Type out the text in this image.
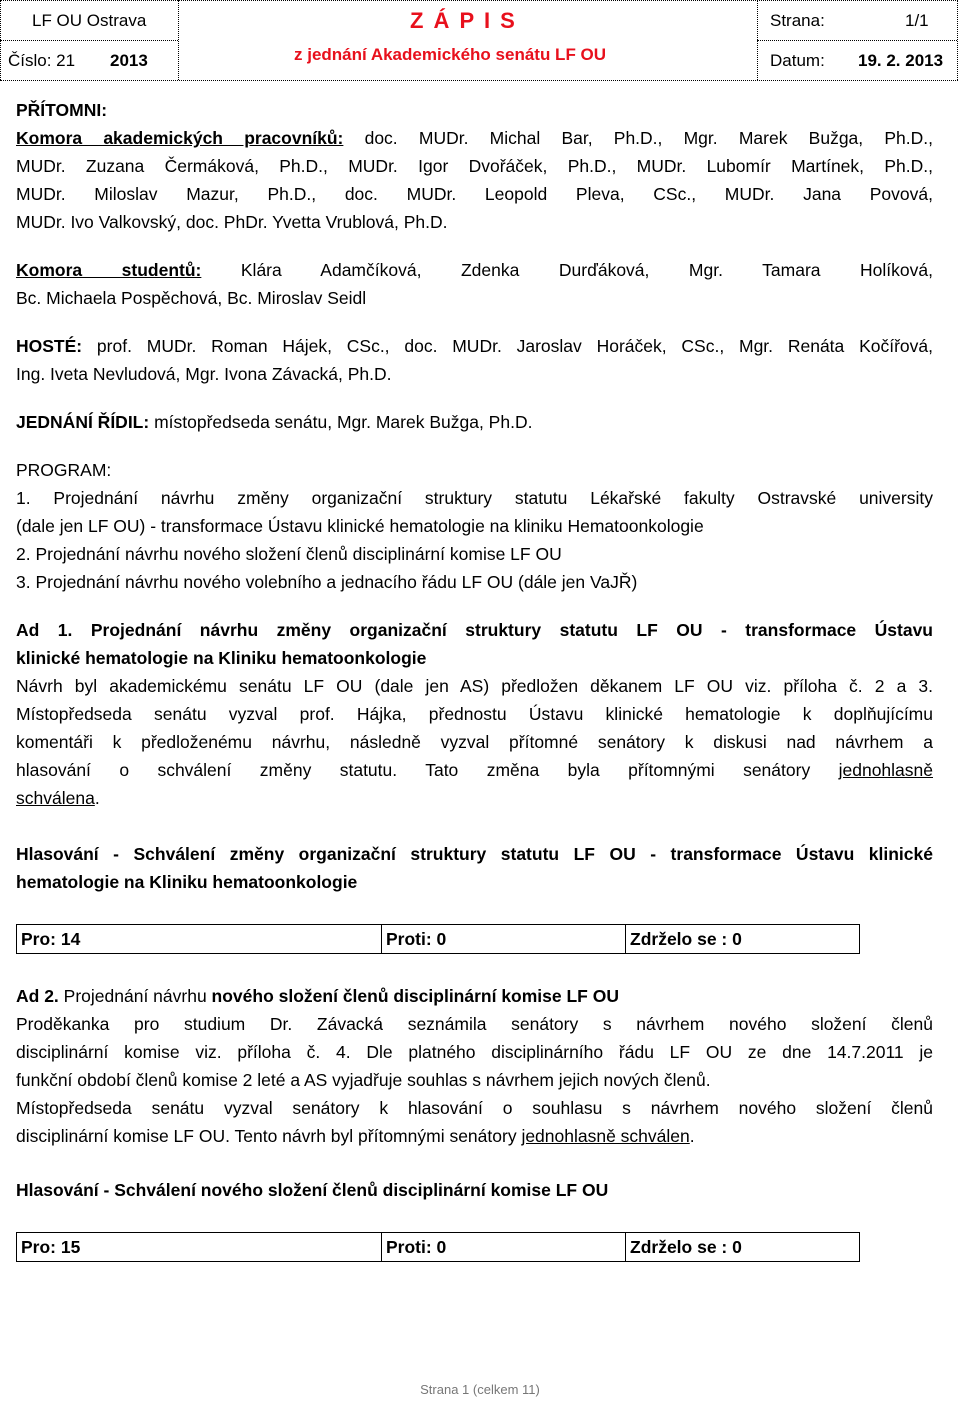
LF OU Ostrava	Z Á P I S
z jednání Akademického senátu LF OU
Strana:	1/1
Číslo: 21 2013	Datum: 19. 2. 2013

PŘÍTOMNI:

Komora akademických pracovníků: doc. MUDr. Michal Bar, Ph.D., Mgr. Marek Bužga, Ph.D.,

MUDr. Zuzana Čermáková, Ph.D., MUDr. Igor Dvořáček, Ph.D., MUDr. Lubomír Martínek, Ph.D.,

MUDr. Miloslav Mazur, Ph.D., doc. MUDr. Leopold Pleva, CSc., MUDr. Jana Povová,

MUDr. Ivo Valkovský, doc. PhDr. Yvetta Vrublová, Ph.D.

Komora studentů: Klára Adamčíková, Zdenka Durďáková, Mgr. Tamara Holíková,

Bc. Michaela Pospěchová, Bc. Miroslav Seidl

HOSTÉ: prof. MUDr. Roman Hájek, CSc., doc. MUDr. Jaroslav Horáček, CSc., Mgr. Renáta Kočířová,

Ing. Iveta Nevludová, Mgr. Ivona Závacká, Ph.D.

JEDNÁNÍ ŘÍDIL: místopředseda senátu, Mgr. Marek Bužga, Ph.D.

PROGRAM:

1. Projednání návrhu změny organizační struktury statutu Lékařské fakulty Ostravské university

(dale jen LF OU) - transformace Ústavu klinické hematologie na kliniku Hematoonkologie

2. Projednání návrhu nového složení členů disciplinární komise LF OU

3. Projednání návrhu nového volebního a jednacího řádu LF OU (dále jen VaJŘ)

Ad 1. Projednání návrhu změny organizační struktury statutu LF OU - transformace Ústavu

klinické hematologie na Kliniku hematoonkologie

Návrh byl akademickému senátu LF OU (dale jen AS) předložen děkanem LF OU viz. příloha č. 2 a 3.

Místopředseda senátu vyzval prof. Hájka, přednostu Ústavu klinické hematologie k doplňujícímu

komentáři k předloženému návrhu, následně vyzval přítomné senátory k diskusi nad návrhem a

hlasování o schválení změny statutu. Tato změna byla přítomnými senátory jednohlasně

schválena.

Hlasování - Schválení změny organizační struktury statutu LF OU - transformace Ústavu klinické

hematologie na Kliniku hematoonkologie

Pro: 14	Proti: 0	Zdrželo se : 0

Ad 2. Projednání návrhu nového složení členů disciplinární komise LF OU

Proděkanka pro studium Dr. Závacká seznámila senátory s návrhem nového složení členů

disciplinární komise viz. příloha č. 4. Dle platného disciplinárního řádu LF OU ze dne 14.7.2011 je

funkční období členů komise 2 leté a AS vyjadřuje souhlas s návrhem jejich nových členů.

Místopředseda senátu vyzval senátory k hlasování o souhlasu s návrhem nového složení členů

disciplinární komise LF OU. Tento návrh byl přítomnými senátory jednohlasně schválen.

Hlasování - Schválení nového složení členů disciplinární komise LF OU

Pro: 15	Proti: 0	Zdrželo se : 0
Strana 1 (celkem 11)
